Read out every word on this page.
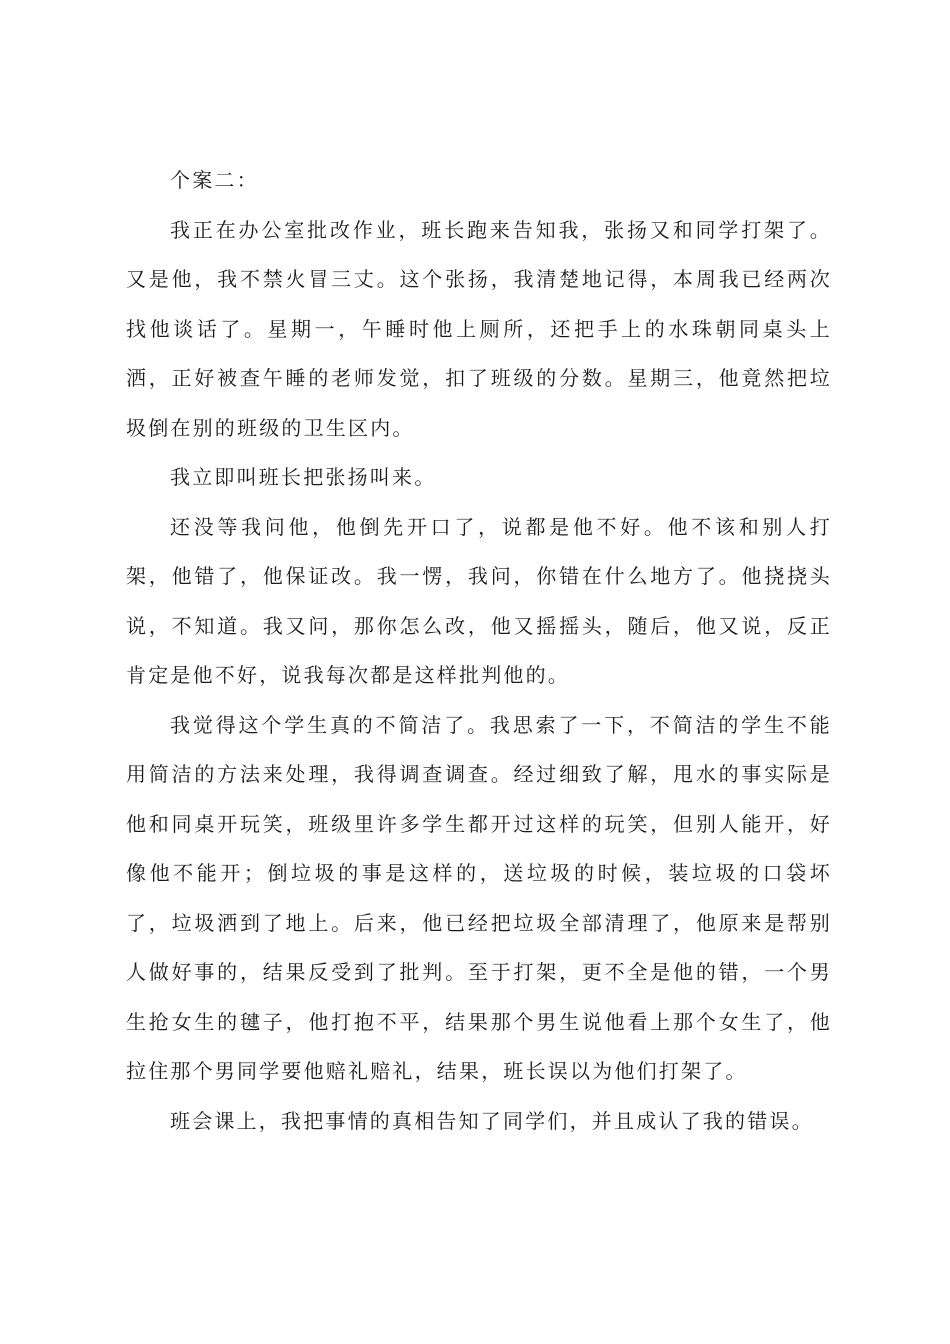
个案二：

我正在办公室批改作业，班长跑来告知我，张扬又和同学打架了。又是他，我不禁火冒三丈。这个张扬，我清楚地记得，本周我已经两次找他谈话了。星期一，午睡时他上厕所，还把手上的水珠朝同桌头上洒，正好被查午睡的老师发觉，扣了班级的分数。星期三，他竟然把垃圾倒在别的班级的卫生区内。

我立即叫班长把张扬叫来。

还没等我问他，他倒先开口了，说都是他不好。他不该和别人打架，他错了，他保证改。我一愣，我问，你错在什么地方了。他挠挠头说，不知道。我又问，那你怎么改，他又摇摇头，随后，他又说，反正肯定是他不好，说我每次都是这样批判他的。

我觉得这个学生真的不简洁了。我思索了一下，不简洁的学生不能用简洁的方法来处理，我得调查调查。经过细致了解，甩水的事实际是他和同桌开玩笑，班级里许多学生都开过这样的玩笑，但别人能开，好像他不能开；倒垃圾的事是这样的，送垃圾的时候，装垃圾的口袋坏了，垃圾洒到了地上。后来，他已经把垃圾全部清理了，他原来是帮别人做好事的，结果反受到了批判。至于打架，更不全是他的错，一个男生抢女生的毽子，他打抱不平，结果那个男生说他看上那个女生了，他拉住那个男同学要他赔礼赔礼，结果，班长误以为他们打架了。

班会课上，我把事情的真相告知了同学们，并且成认了我的错误。
